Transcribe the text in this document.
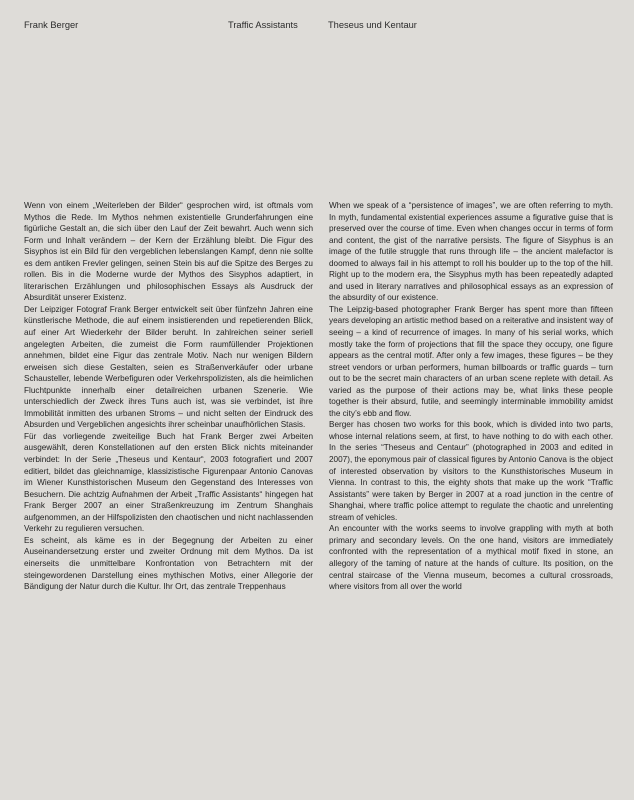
Frank Berger	Traffic Assistants	Theseus und Kentaur

Wenn von einem „Weiterleben der Bilder“ gesprochen wird, ist oftmals vom Mythos die Rede. Im Mythos nehmen existentielle Grunderfahrungen eine figürliche Gestalt an, die sich über den Lauf der Zeit bewahrt. Auch wenn sich Form und Inhalt verändern – der Kern der Erzählung bleibt. Die Figur des Sisyphos ist ein Bild für den vergeblichen lebenslangen Kampf, denn nie sollte es dem antiken Frevler gelingen, seinen Stein bis auf die Spitze des Berges zu rollen. Bis in die Moderne wurde der Mythos des Sisyphos adaptiert, in literarischen Erzählungen und philosophischen Essays als Ausdruck der Absurdität unserer Existenz.

Der Leipziger Fotograf Frank Berger entwickelt seit über fünfzehn Jahren eine künstlerische Methode, die auf einem insistierenden und repetierenden Blick, auf einer Art Wiederkehr der Bilder beruht. In zahlreichen seiner seriell angelegten Arbeiten, die zumeist die Form raumfüllender Projektionen annehmen, bildet eine Figur das zentrale Motiv. Nach nur wenigen Bildern erweisen sich diese Gestalten, seien es Straßenverkäufer oder urbane Schausteller, lebende Werbefiguren oder Verkehrspolizisten, als die heimlichen Fluchtpunkte innerhalb einer detailreichen urbanen Szenerie. Wie unterschiedlich der Zweck ihres Tuns auch ist, was sie verbindet, ist ihre Immobilität inmitten des urbanen Stroms – und nicht selten der Eindruck des Absurden und Vergeblichen angesichts ihrer scheinbar unaufhörlichen Stasis.

Für das vorliegende zweiteilige Buch hat Frank Berger zwei Arbeiten ausgewählt, deren Konstellationen auf den ersten Blick nichts miteinander verbindet: In der Serie „Theseus und Kentaur“, 2003 fotografiert und 2007 editiert, bildet das gleichnamige, klassizistische Figurenpaar Antonio Canovas im Wiener Kunsthistorischen Museum den Gegenstand des Interesses von Besuchern. Die achtzig Aufnahmen der Arbeit „Traffic Assistants“ hingegen hat Frank Berger 2007 an einer Straßenkreuzung im Zentrum Shanghais aufgenommen, an der Hilfspolizisten den chaotischen und nicht nachlassenden Verkehr zu regulieren versuchen.

Es scheint, als käme es in der Begegnung der Arbeiten zu einer Auseinandersetzung erster und zweiter Ordnung mit dem Mythos. Da ist einerseits die unmittelbare Konfrontation von Betrachtern mit der steingewordenen Darstellung eines mythischen Motivs, einer Allegorie der Bändigung der Natur durch die Kultur. Ihr Ort, das zentrale Treppenhaus

When we speak of a “persistence of images”, we are often referring to myth. In myth, fundamental existential experiences assume a figurative guise that is preserved over the course of time. Even when changes occur in terms of form and content, the gist of the narrative persists. The figure of Sisyphus is an image of the futile struggle that runs through life – the ancient malefactor is doomed to always fail in his attempt to roll his boulder up to the top of the hill. Right up to the modern era, the Sisyphus myth has been repeatedly adapted and used in literary narratives and philosophical essays as an expression of the absurdity of our existence.

The Leipzig-based photographer Frank Berger has spent more than fifteen years developing an artistic method based on a reiterative and insistent way of seeing – a kind of recurrence of images. In many of his serial works, which mostly take the form of projections that fill the space they occupy, one figure appears as the central motif. After only a few images, these figures – be they street vendors or urban performers, human billboards or traffic guards – turn out to be the secret main characters of an urban scene replete with detail. As varied as the purpose of their actions may be, what links these people together is their absurd, futile, and seemingly interminable immobility amidst the city’s ebb and flow.

Berger has chosen two works for this book, which is divided into two parts, whose internal relations seem, at first, to have nothing to do with each other. In the series “Theseus and Centaur” (photographed in 2003 and edited in 2007), the eponymous pair of classical figures by Antonio Canova is the object of interested observation by visitors to the Kunsthistorisches Museum in Vienna. In contrast to this, the eighty shots that make up the work “Traffic Assistants” were taken by Berger in 2007 at a road junction in the centre of Shanghai, where traffic police attempt to regulate the chaotic and unrelenting stream of vehicles.

An encounter with the works seems to involve grappling with myth at both primary and secondary levels. On the one hand, visitors are immediately confronted with the representation of a mythical motif fixed in stone, an allegory of the taming of nature at the hands of culture. Its position, on the central staircase of the Vienna museum, becomes a cultural crossroads, where visitors from all over the world
